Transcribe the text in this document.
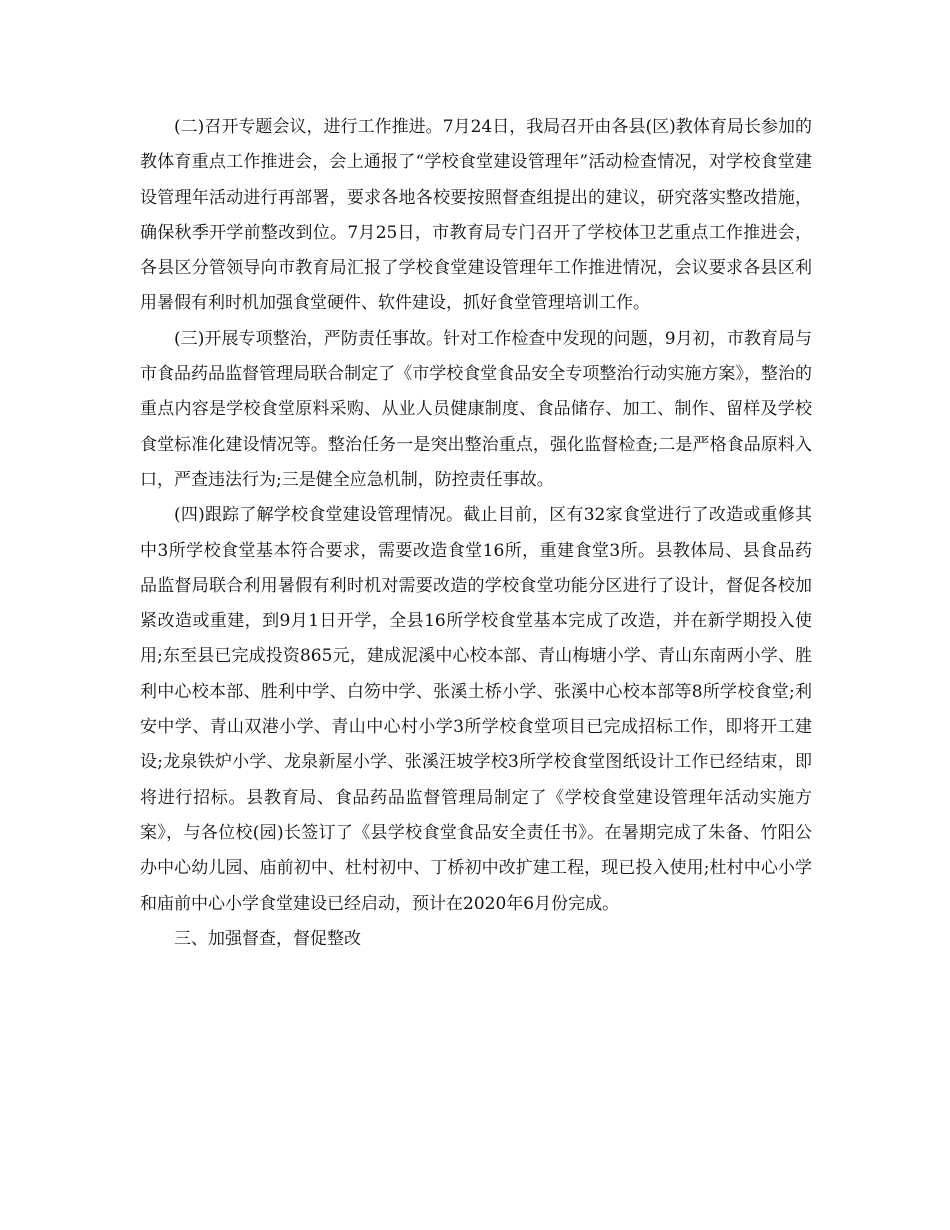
(二)召开专题会议，进行工作推进。7月24日，我局召开由各县(区)教体育局长参加的教体育重点工作推进会，会上通报了“学校食堂建设管理年”活动检查情况，对学校食堂建设管理年活动进行再部署，要求各地各校要按照督查组提出的建议，研究落实整改措施，确保秋季开学前整改到位。7月25日，市教育局专门召开了学校体卫艺重点工作推进会，各县区分管领导向市教育局汇报了学校食堂建设管理年工作推进情况，会议要求各县区利用暑假有利时机加强食堂硬件、软件建设，抓好食堂管理培训工作。

(三)开展专项整治，严防责任事故。针对工作检查中发现的问题，9月初，市教育局与市食品药品监督管理局联合制定了《市学校食堂食品安全专项整治行动实施方案》，整治的重点内容是学校食堂原料采购、从业人员健康制度、食品储存、加工、制作、留样及学校食堂标准化建设情况等。整治任务一是突出整治重点，强化监督检查;二是严格食品原料入口，严查违法行为;三是健全应急机制，防控责任事故。

(四)跟踪了解学校食堂建设管理情况。截止目前，区有32家食堂进行了改造或重修其中3所学校食堂基本符合要求，需要改造食堂16所，重建食堂3所。县教体局、县食品药品监督局联合利用暑假有利时机对需要改造的学校食堂功能分区进行了设计，督促各校加紧改造或重建，到9月1日开学，全县16所学校食堂基本完成了改造，并在新学期投入使用;东至县已完成投资865元，建成泥溪中心校本部、青山梅塘小学、青山东南两小学、胜利中心校本部、胜利中学、白笏中学、张溪土桥小学、张溪中心校本部等8所学校食堂;利安中学、青山双港小学、青山中心村小学3所学校食堂项目已完成招标工作，即将开工建设;龙泉铁炉小学、龙泉新屋小学、张溪汪坡学校3所学校食堂图纸设计工作已经结束，即将进行招标。县教育局、食品药品监督管理局制定了《学校食堂建设管理年活动实施方案》，与各位校(园)长签订了《县学校食堂食品安全责任书》。在暑期完成了朱备、竹阳公办中心幼儿园、庙前初中、杜村初中、丁桥初中改扩建工程，现已投入使用;杜村中心小学和庙前中心小学食堂建设已经启动，预计在2020年6月份完成。

三、加强督查，督促整改
